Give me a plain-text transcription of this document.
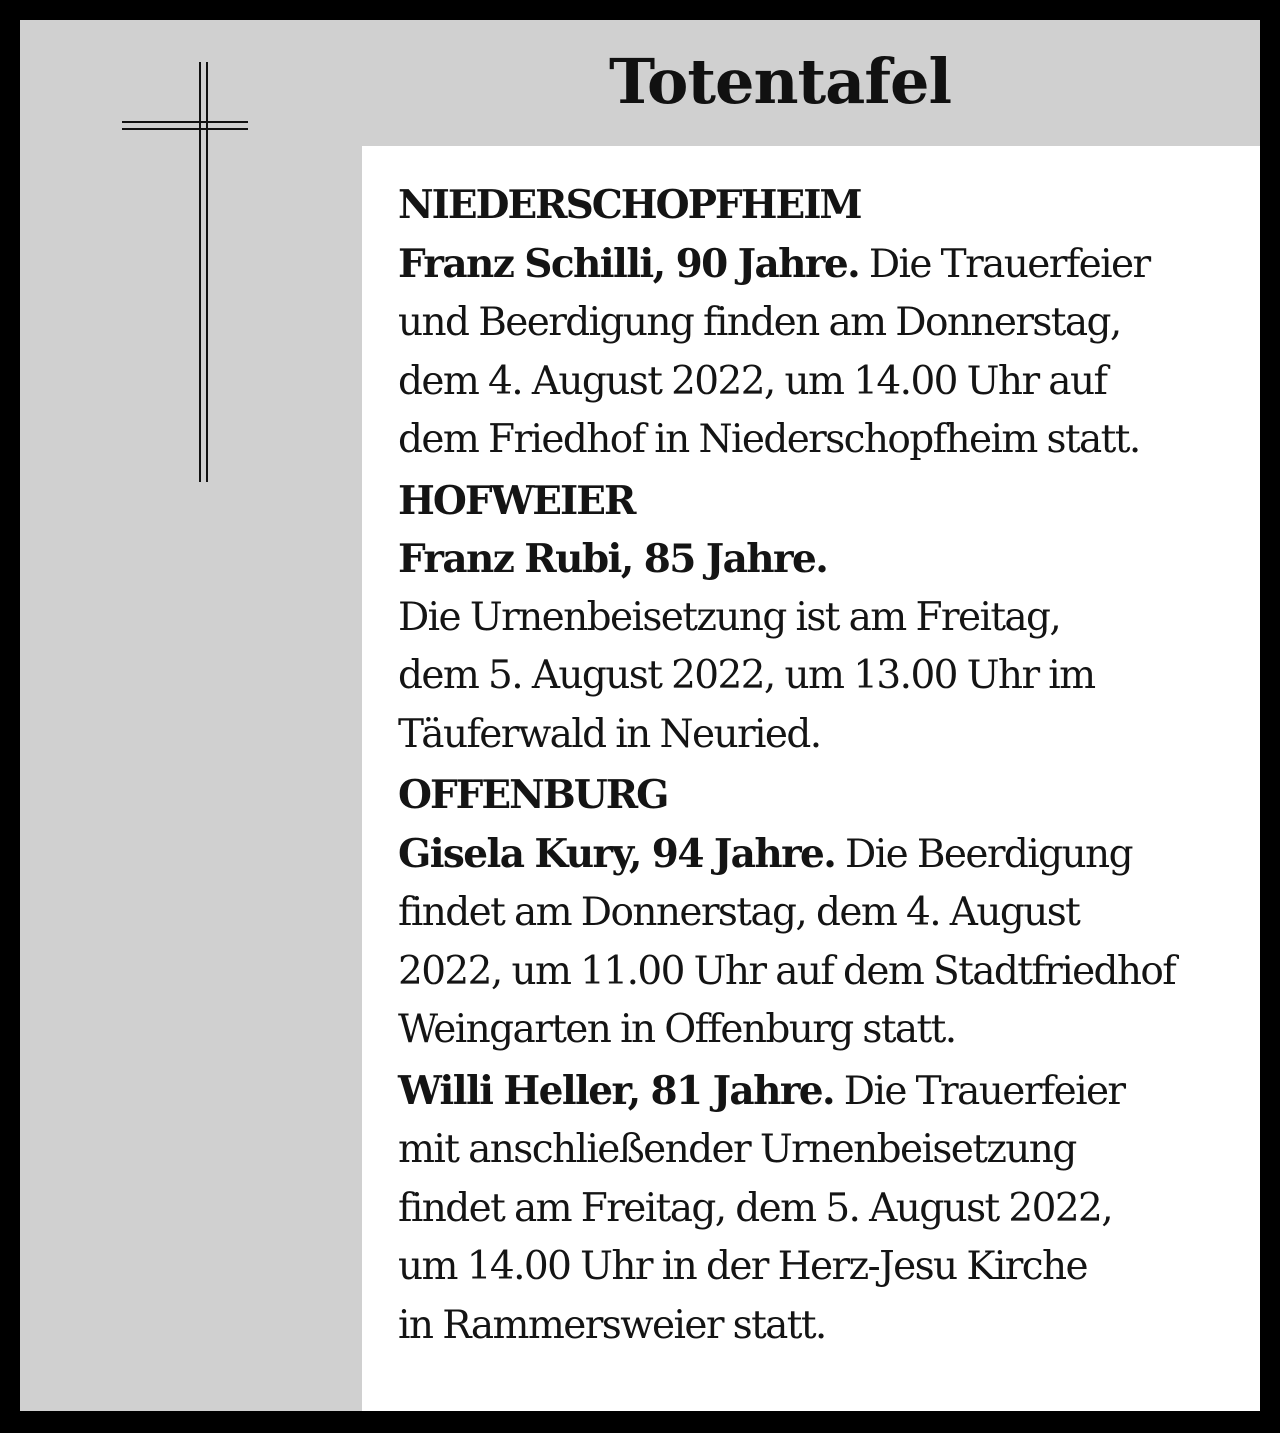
Totentafel
NIEDERSCHOPFHEIM
Franz Schilli, 90 Jahre. Die Trauerfeier
und Beerdigung finden am Donnerstag,
dem 4. August 2022, um 14.00 Uhr auf
dem Friedhof in Niederschopfheim statt.
HOFWEIER
Franz Rubi, 85 Jahre.
Die Urnenbeisetzung ist am Freitag,
dem 5. August 2022, um 13.00 Uhr im
Täuferwald in Neuried.
OFFENBURG
Gisela Kury, 94 Jahre. Die Beerdigung
findet am Donnerstag, dem 4. August
2022, um 11.00 Uhr auf dem Stadtfriedhof
Weingarten in Offenburg statt.
Willi Heller, 81 Jahre. Die Trauerfeier
mit anschließender Urnenbeisetzung
findet am Freitag, dem 5. August 2022,
um 14.00 Uhr in der Herz-Jesu Kirche
in Rammersweier statt.
